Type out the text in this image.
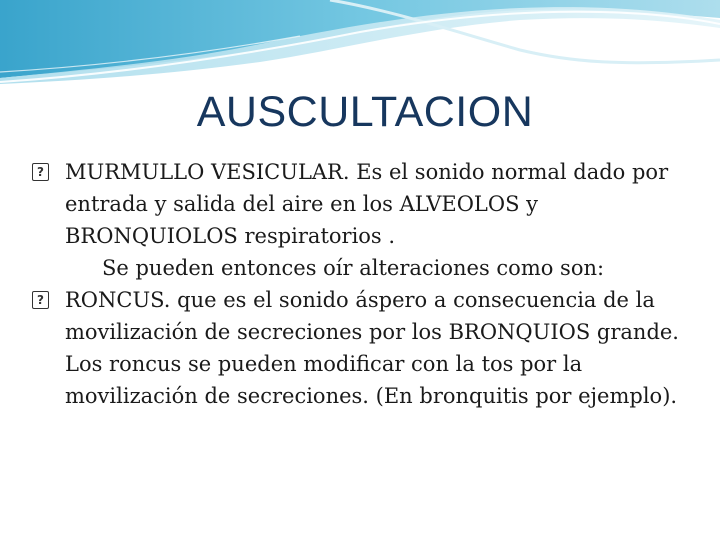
AUSCULTACION

? MURMULLO VESICULAR. Es el sonido normal dado por entrada y salida del aire en los ALVEOLOS y BRONQUIOLOS respiratorios .

Se pueden entonces oír alteraciones como son:

? RONCUS. que es el sonido áspero a consecuencia de la movilización de secreciones por los BRONQUIOS grande.

Los roncus se pueden modificar con la tos por la movilización de secreciones. (En bronquitis por ejemplo).
